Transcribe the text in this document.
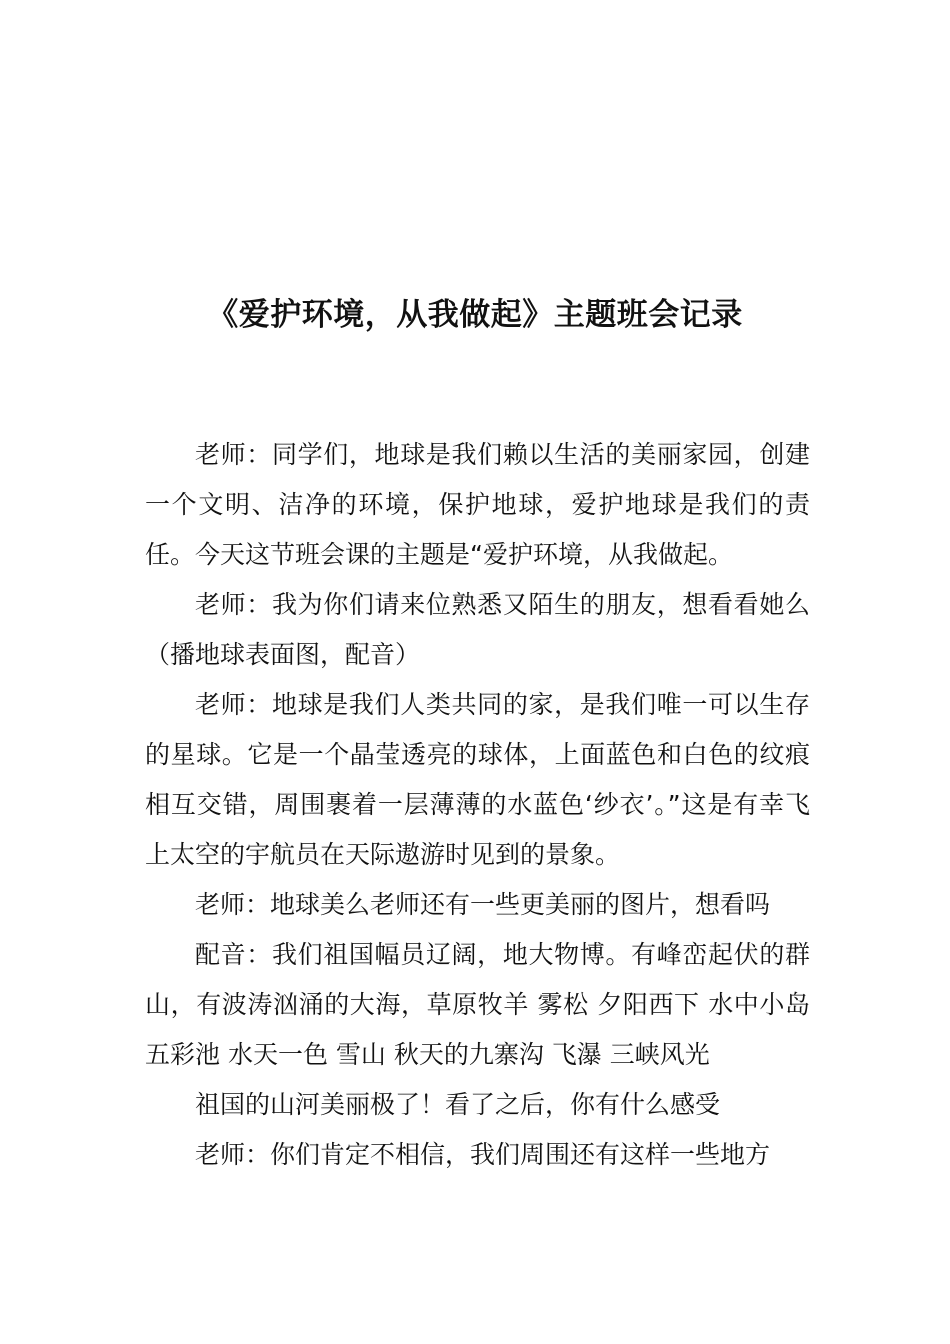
《爱护环境，从我做起》主题班会记录

老师：同学们，地球是我们赖以生活的美丽家园，创建一个文明、洁净的环境，保护地球，爱护地球是我们的责任。今天这节班会课的主题是“爱护环境，从我做起。

老师：我为你们请来位熟悉又陌生的朋友，想看看她么（播地球表面图，配音）

老师：地球是我们人类共同的家，是我们唯一可以生存的星球。它是一个晶莹透亮的球体，上面蓝色和白色的纹痕相互交错，周围裹着一层薄薄的水蓝色‘纱衣’。”这是有幸飞上太空的宇航员在天际遨游时见到的景象。

老师：地球美么老师还有一些更美丽的图片，想看吗

配音：我们祖国幅员辽阔，地大物博。有峰峦起伏的群山，有波涛汹涌的大海，草原牧羊 雾松 夕阳西下 水中小岛 五彩池 水天一色 雪山 秋天的九寨沟 飞瀑 三峡风光

祖国的山河美丽极了！看了之后，你有什么感受

老师：你们肯定不相信，我们周围还有这样一些地方
